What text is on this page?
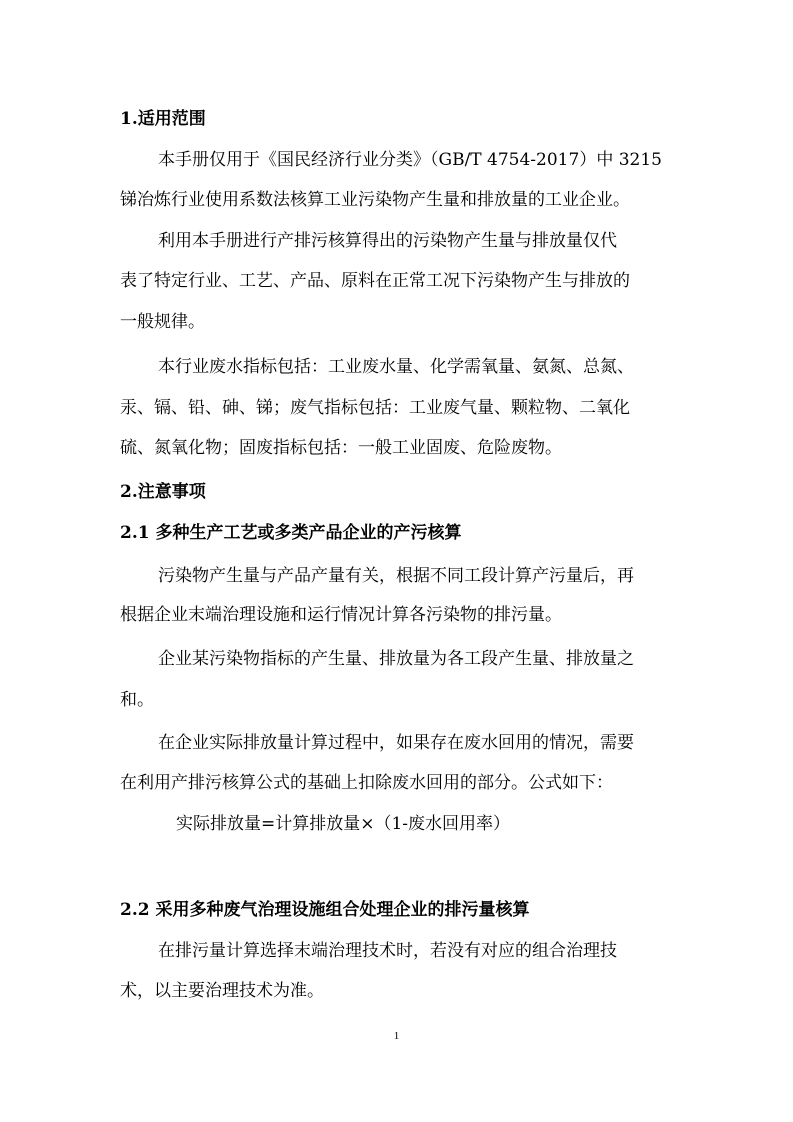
1.适用范围
本手册仅用于《国民经济行业分类》（GB/T 4754-2017）中 3215
锑冶炼行业使用系数法核算工业污染物产生量和排放量的工业企业。
利用本手册进行产排污核算得出的污染物产生量与排放量仅代
表了特定行业、工艺、产品、原料在正常工况下污染物产生与排放的
一般规律。
本行业废水指标包括：工业废水量、化学需氧量、氨氮、总氮、
汞、镉、铅、砷、锑；废气指标包括：工业废气量、颗粒物、二氧化
硫、氮氧化物；固废指标包括：一般工业固废、危险废物。
2.注意事项
2.1 多种生产工艺或多类产品企业的产污核算
污染物产生量与产品产量有关，根据不同工段计算产污量后，再
根据企业末端治理设施和运行情况计算各污染物的排污量。
企业某污染物指标的产生量、排放量为各工段产生量、排放量之
和。
在企业实际排放量计算过程中，如果存在废水回用的情况，需要
在利用产排污核算公式的基础上扣除废水回用的部分。公式如下：
实际排放量=计算排放量×（1-废水回用率）
2.2 采用多种废气治理设施组合处理企业的排污量核算
在排污量计算选择末端治理技术时，若没有对应的组合治理技
术，以主要治理技术为准。
1
